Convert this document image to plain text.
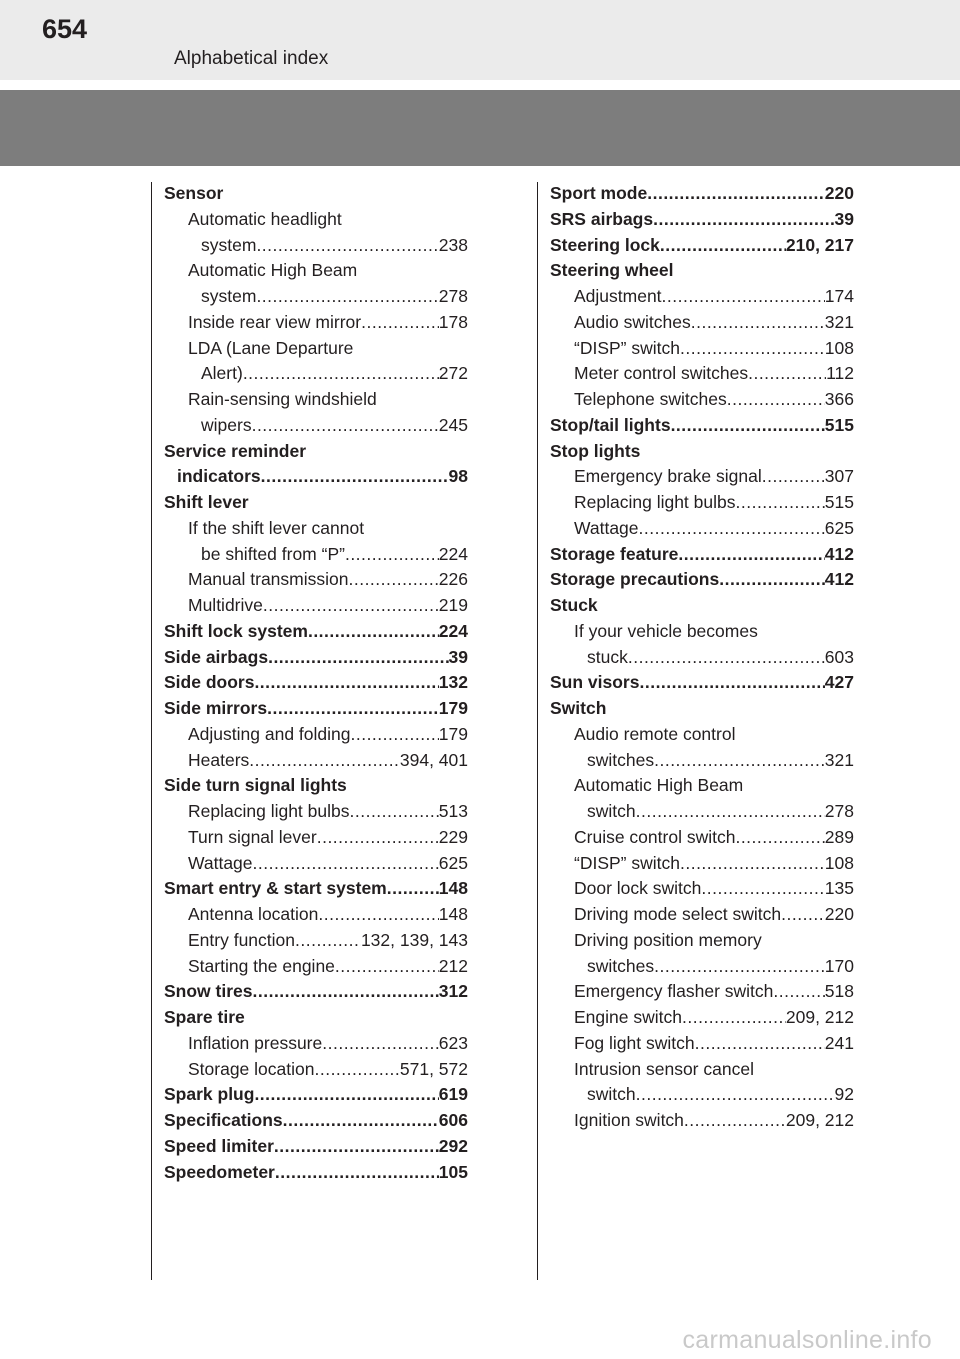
654
Alphabetical index
Sensor
Automatic headlight
system .....	238
Automatic High Beam
system .....	278
Inside rear view mirror .....	178
LDA (Lane Departure
Alert) .....	272
Rain-sensing windshield
wipers .....	245
Service reminder
indicators .....	98
Shift lever
If the shift lever cannot
be shifted from “P” .....	224
Manual transmission .....	226
Multidrive .....	219
Shift lock system .....	224
Side airbags .....	39
Side doors .....	132
Side mirrors .....	179
Adjusting and folding .....	179
Heaters .....	394, 401
Side turn signal lights
Replacing light bulbs .....	513
Turn signal lever .....	229
Wattage .....	625
Smart entry & start system .....	148
Antenna location .....	148
Entry function .....	132, 139, 143
Starting the engine .....	212
Snow tires .....	312
Spare tire
Inflation pressure .....	623
Storage location .....	571, 572
Spark plug .....	619
Specifications .....	606
Speed limiter .....	292
Speedometer .....	105
Sport mode .....	220
SRS airbags .....	39
Steering lock .....	210, 217
Steering wheel
Adjustment .....	174
Audio switches .....	321
“DISP” switch .....	108
Meter control switches .....	112
Telephone switches .....	366
Stop/tail lights .....	515
Stop lights
Emergency brake signal .....	307
Replacing light bulbs .....	515
Wattage .....	625
Storage feature .....	412
Storage precautions .....	412
Stuck
If your vehicle becomes
stuck .....	603
Sun visors .....	427
Switch
Audio remote control
switches .....	321
Automatic High Beam
switch .....	278
Cruise control switch .....	289
“DISP” switch .....	108
Door lock switch .....	135
Driving mode select switch ..... 220
Driving position memory
switches .....	170
Emergency flasher switch .....	518
Engine switch .....	209, 212
Fog light switch .....	241
Intrusion sensor cancel
switch .....	92
Ignition switch .....	209, 212
carmanualsonline.info
